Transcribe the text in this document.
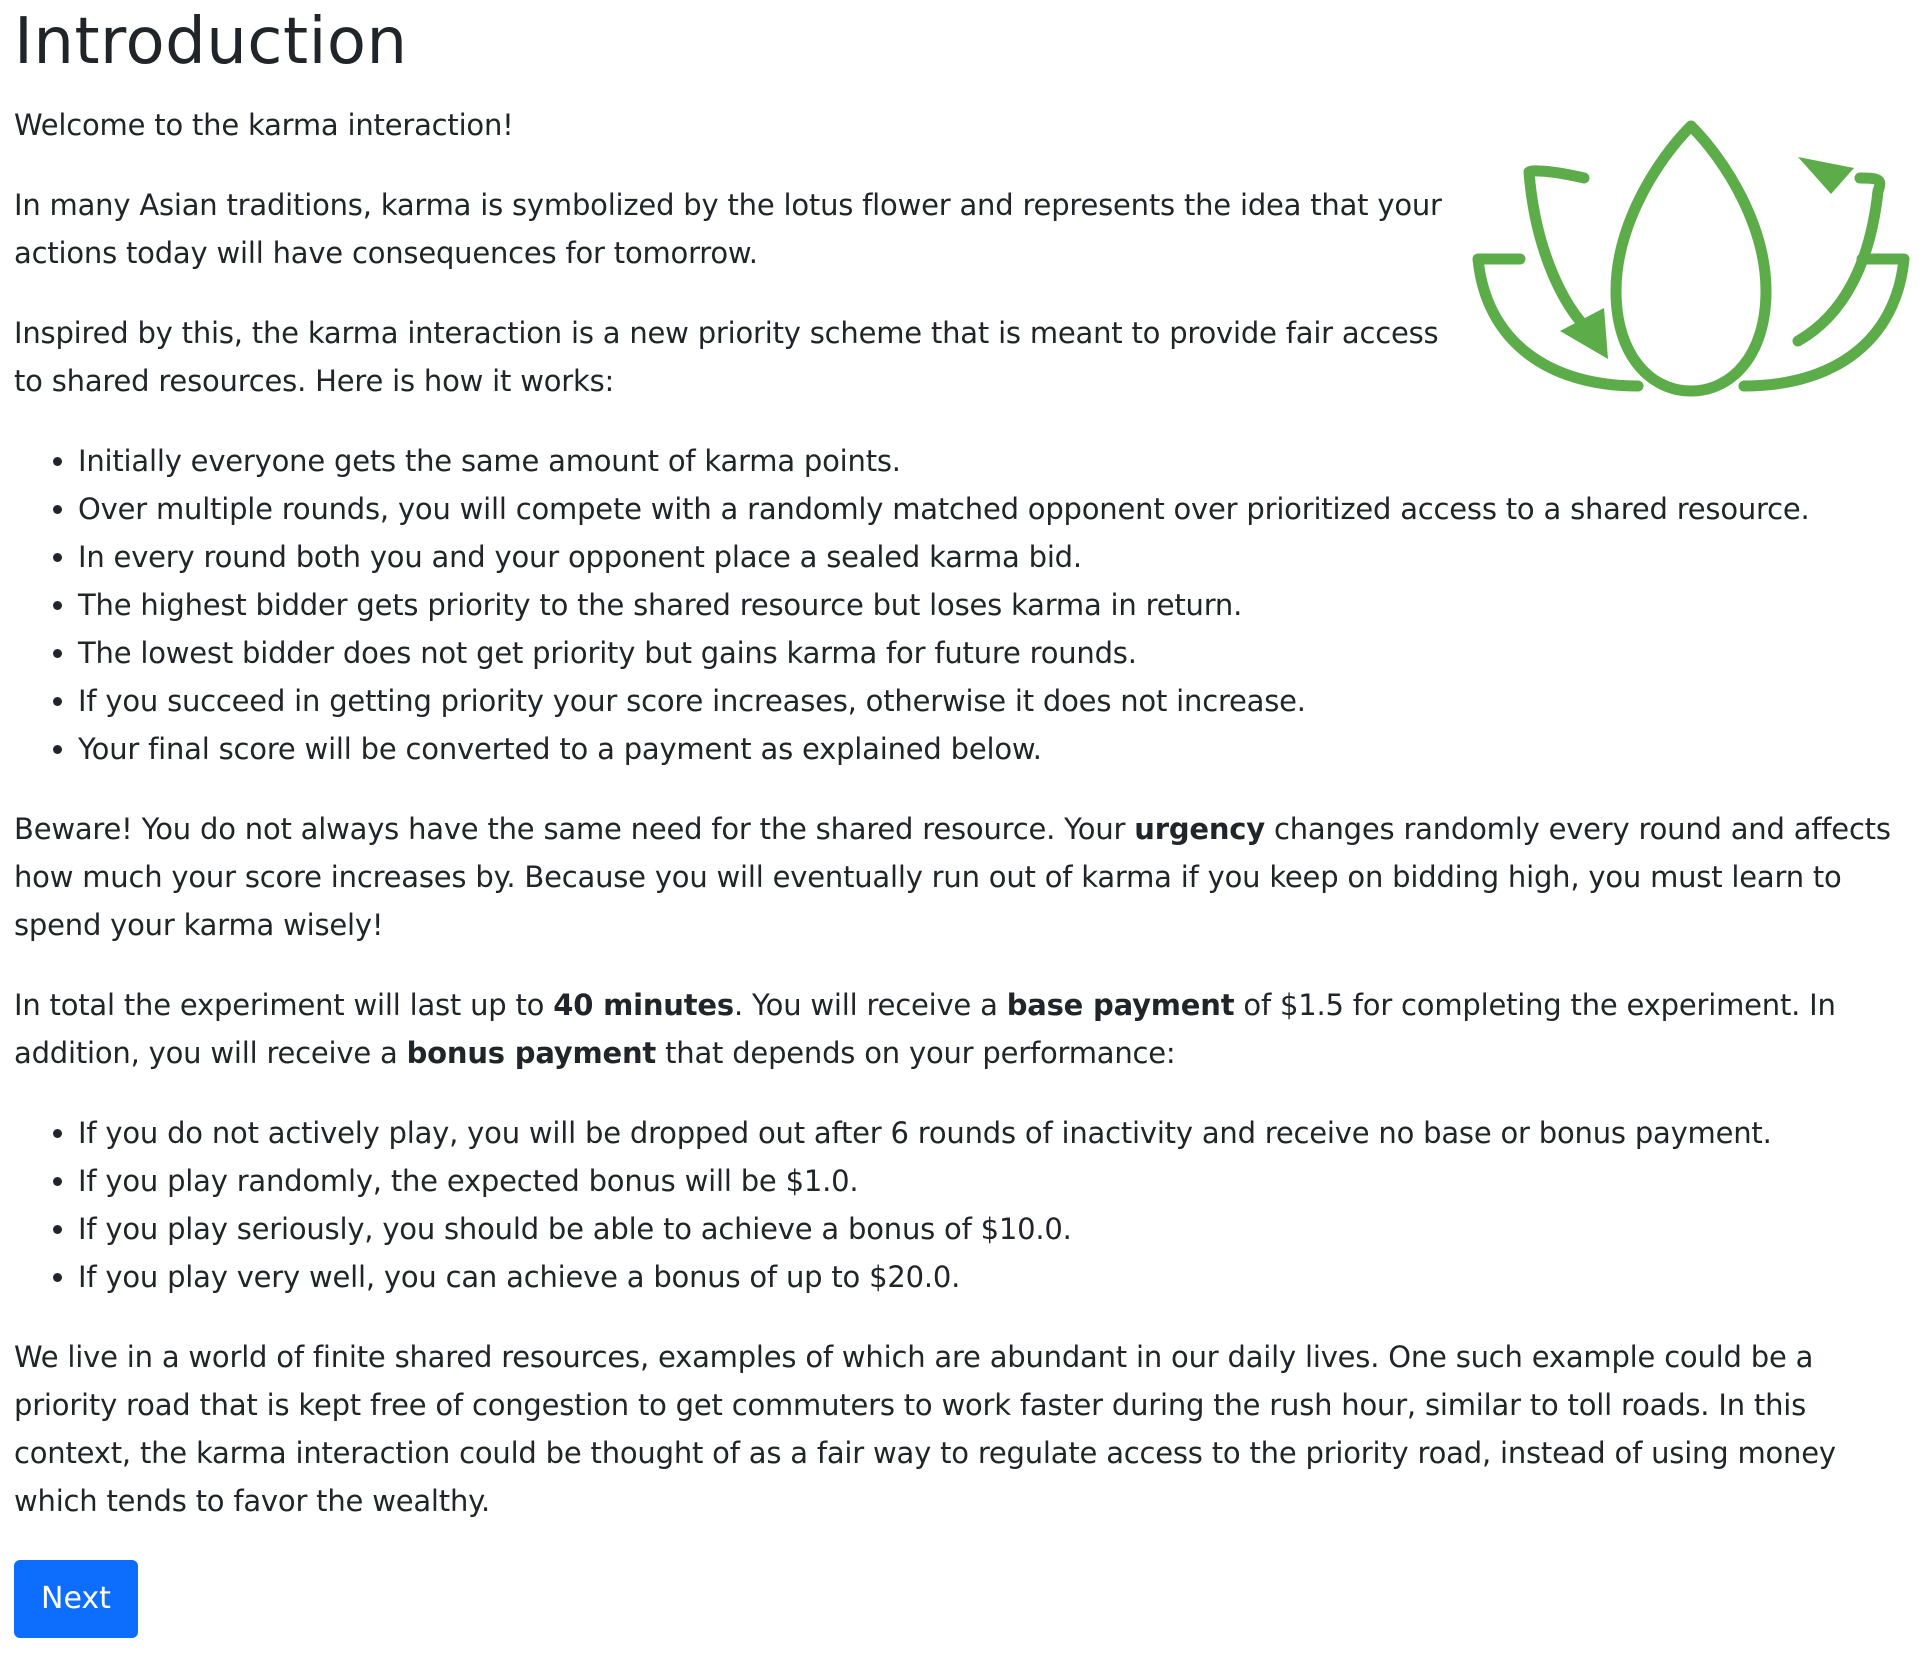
Introduction

Welcome to the karma interaction!

In many Asian traditions, karma is symbolized by the lotus flower and represents the idea that your actions today will have consequences for tomorrow.

Inspired by this, the karma interaction is a new priority scheme that is meant to provide fair access to shared resources. Here is how it works:

• Initially everyone gets the same amount of karma points.
• Over multiple rounds, you will compete with a randomly matched opponent over prioritized access to a shared resource.
• In every round both you and your opponent place a sealed karma bid.
• The highest bidder gets priority to the shared resource but loses karma in return.
• The lowest bidder does not get priority but gains karma for future rounds.
• If you succeed in getting priority your score increases, otherwise it does not increase.
• Your final score will be converted to a payment as explained below.

Beware! You do not always have the same need for the shared resource. Your urgency changes randomly every round and affects how much your score increases by. Because you will eventually run out of karma if you keep on bidding high, you must learn to spend your karma wisely!

In total the experiment will last up to 40 minutes. You will receive a base payment of $1.5 for completing the experiment. In addition, you will receive a bonus payment that depends on your performance:

• If you do not actively play, you will be dropped out after 6 rounds of inactivity and receive no base or bonus payment.
• If you play randomly, the expected bonus will be $1.0.
• If you play seriously, you should be able to achieve a bonus of $10.0.
• If you play very well, you can achieve a bonus of up to $20.0.

We live in a world of finite shared resources, examples of which are abundant in our daily lives. One such example could be a priority road that is kept free of congestion to get commuters to work faster during the rush hour, similar to toll roads. In this context, the karma interaction could be thought of as a fair way to regulate access to the priority road, instead of using money which tends to favor the wealthy.

Next
